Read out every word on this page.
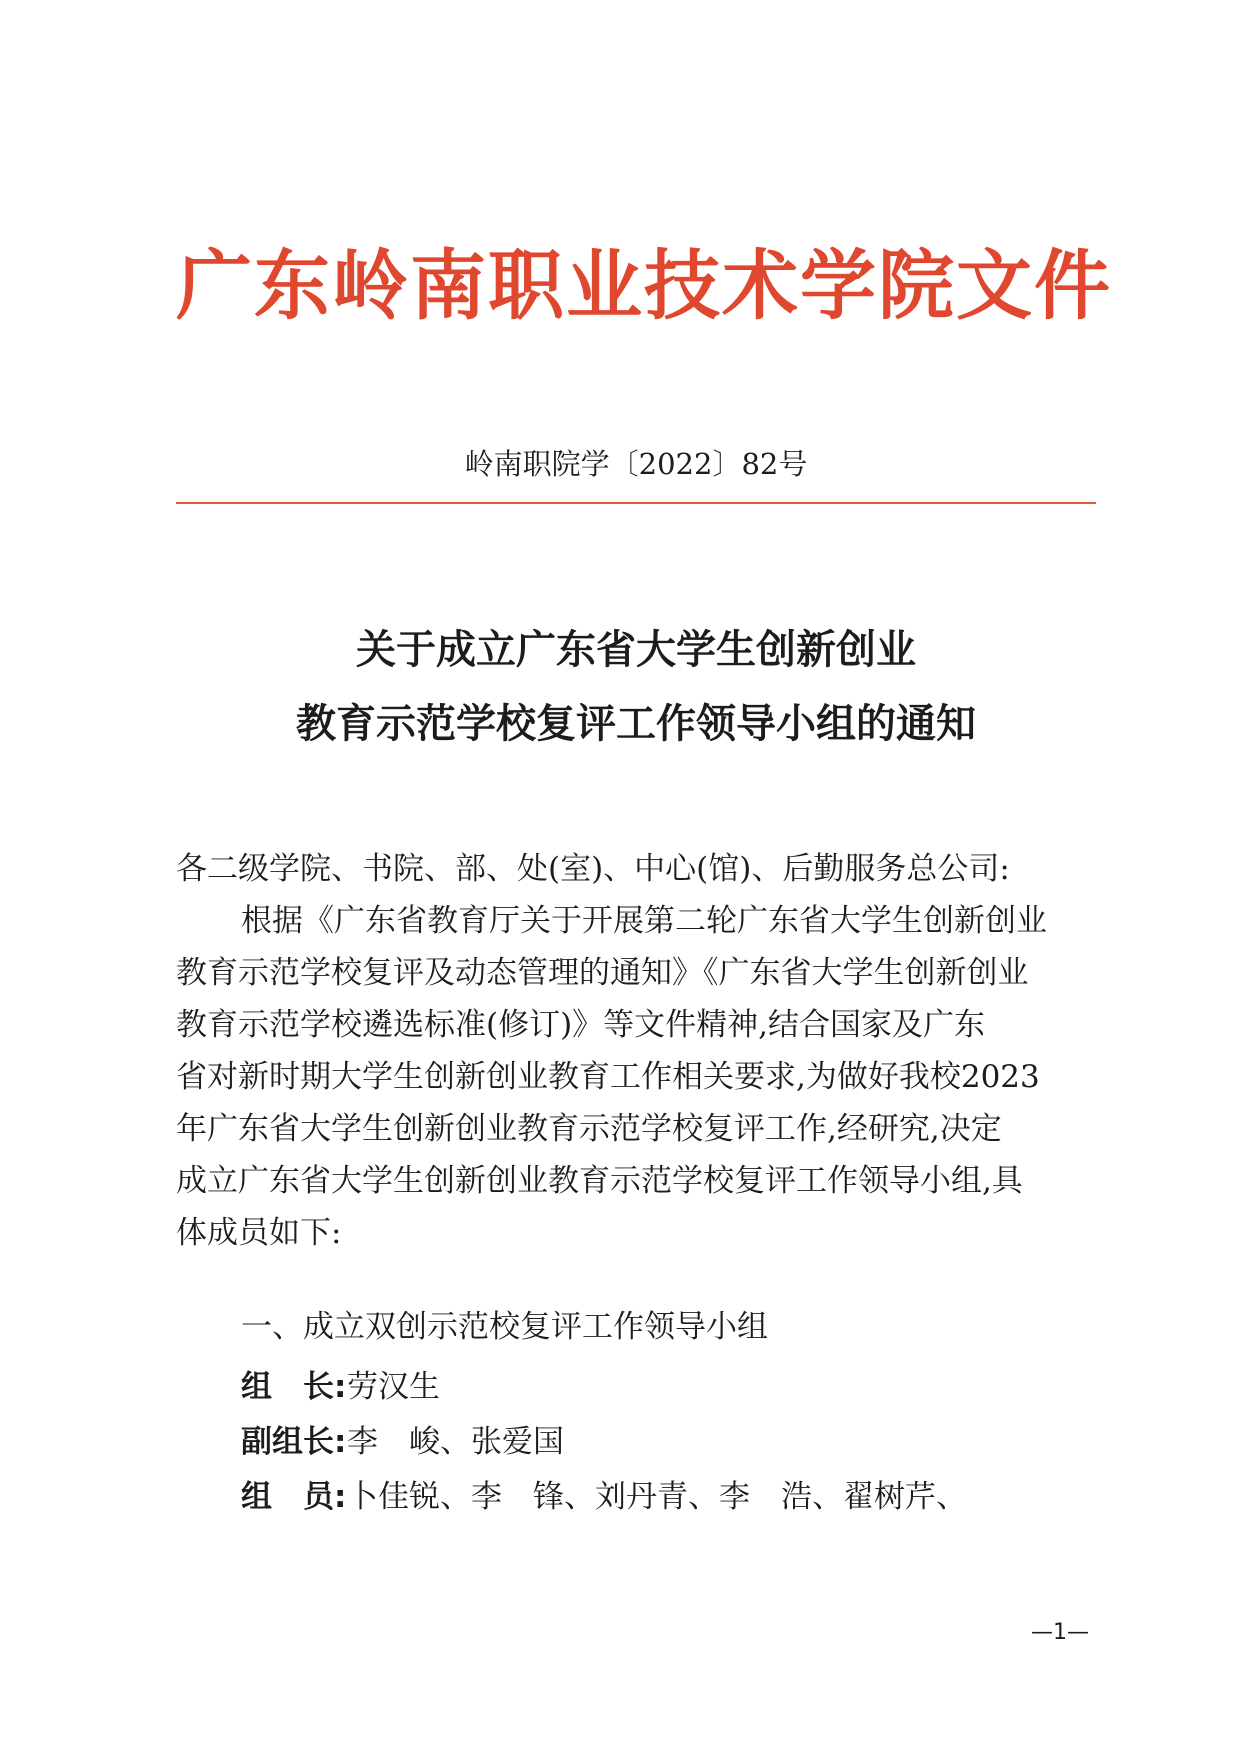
广东岭南职业技术学院文件
岭南职院学〔2022〕82号
关于成立广东省大学生创新创业
教育示范学校复评工作领导小组的通知
各二级学院、书院、部、处(室)、中心(馆)、后勤服务总公司:
根据《广东省教育厅关于开展第二轮广东省大学生创新创业
教育示范学校复评及动态管理的通知》《广东省大学生创新创业
教育示范学校遴选标准(修订)》等文件精神,结合国家及广东
省对新时期大学生创新创业教育工作相关要求,为做好我校2023
年广东省大学生创新创业教育示范学校复评工作,经研究,决定
成立广东省大学生创新创业教育示范学校复评工作领导小组,具
体成员如下:
一、成立双创示范校复评工作领导小组
组　长:劳汉生
副组长:李　峻、张爱国
组　员:卜佳锐、李　锋、刘丹青、李　浩、翟树芹、
—1—
